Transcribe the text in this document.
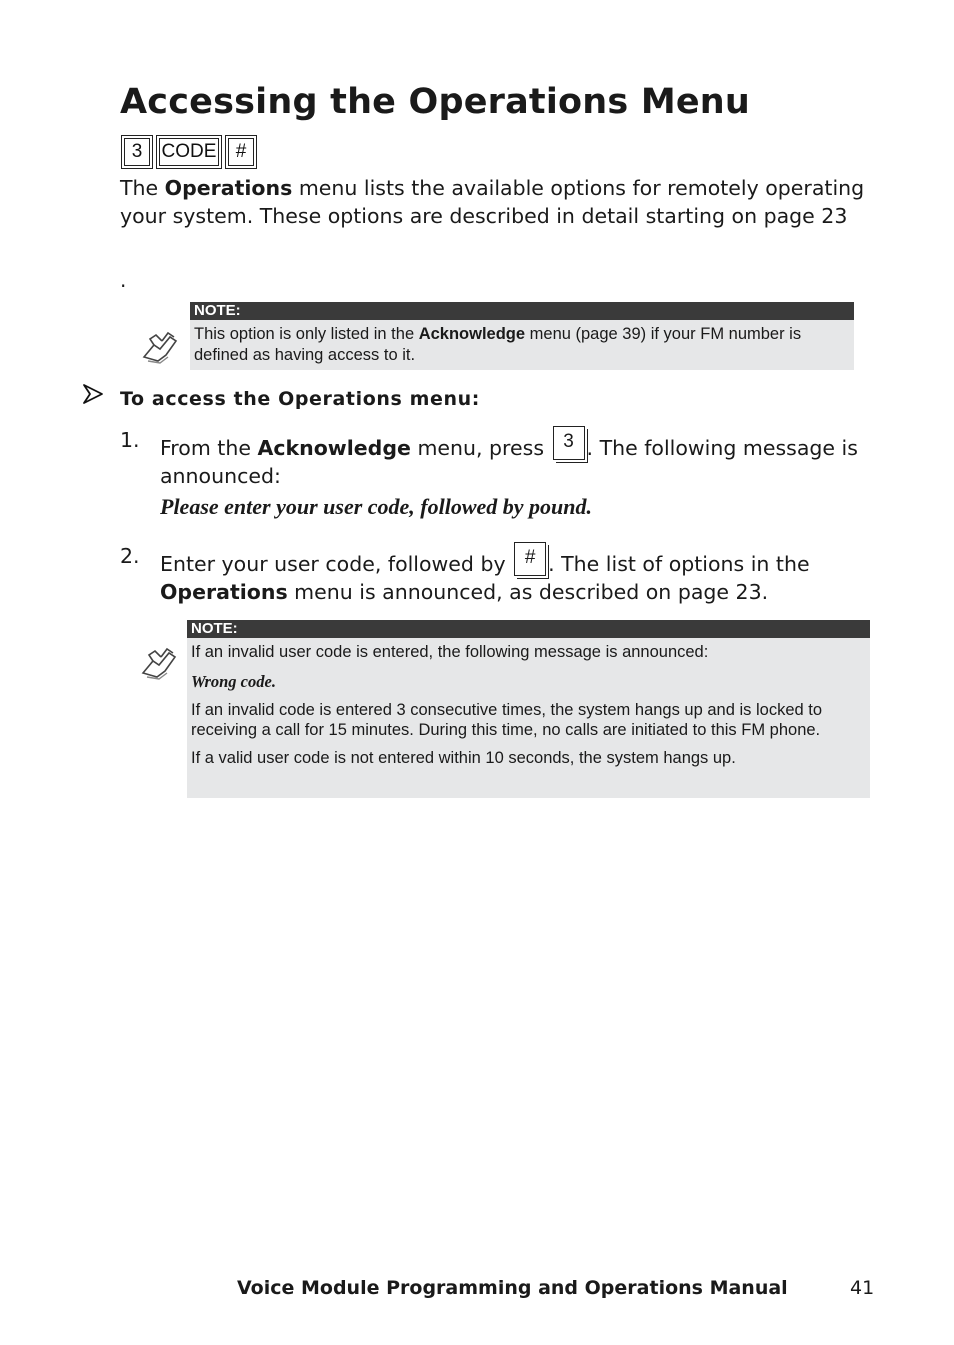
Accessing the Operations Menu
3	CODE	#
The Operations menu lists the available options for remotely operating your system. These options are described in detail starting on page 23
.
NOTE:
This option is only listed in the Acknowledge menu (page 39) if your FM number is defined as having access to it.
To access the Operations menu:
1. From the Acknowledge menu, press 3 . The following message is announced:
Please enter your user code, followed by pound.
2. Enter your user code, followed by # . The list of options in the Operations menu is announced, as described on page 23.
NOTE:

If an invalid user code is entered, the following message is announced:

Wrong code.

If an invalid code is entered 3 consecutive times, the system hangs up and is locked to receiving a call for 15 minutes. During this time, no calls are initiated to this FM phone.

If a valid user code is not entered within 10 seconds, the system hangs up.

Voice Module Programming and Operations Manual	41
